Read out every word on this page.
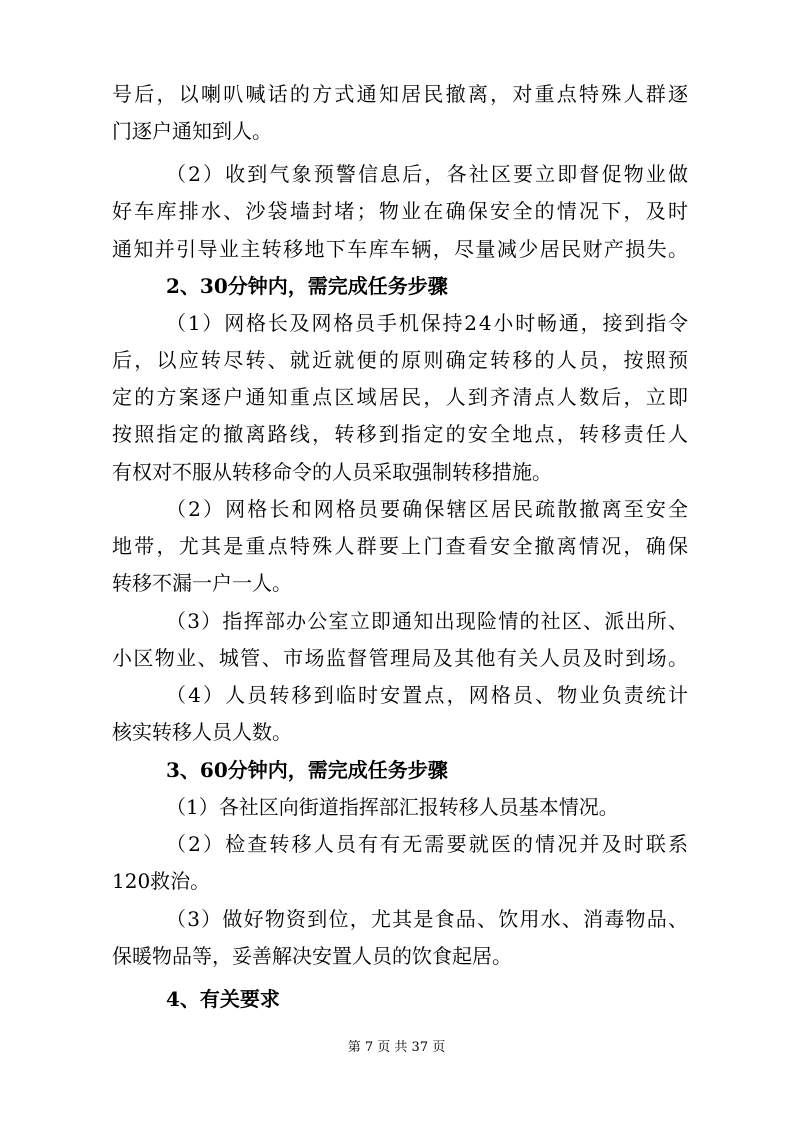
号后，以喇叭喊话的方式通知居民撤离，对重点特殊人群逐
门逐户通知到人。
（2）收到气象预警信息后，各社区要立即督促物业做
好车库排水、沙袋墙封堵；物业在确保安全的情况下，及时
通知并引导业主转移地下车库车辆，尽量减少居民财产损失。
2、30分钟内，需完成任务步骤
（1）网格长及网格员手机保持24小时畅通，接到指令
后，以应转尽转、就近就便的原则确定转移的人员，按照预
定的方案逐户通知重点区域居民，人到齐清点人数后，立即
按照指定的撤离路线，转移到指定的安全地点，转移责任人
有权对不服从转移命令的人员采取强制转移措施。
（2）网格长和网格员要确保辖区居民疏散撤离至安全
地带，尤其是重点特殊人群要上门查看安全撤离情况，确保
转移不漏一户一人。
（3）指挥部办公室立即通知出现险情的社区、派出所、
小区物业、城管、市场监督管理局及其他有关人员及时到场。
（4）人员转移到临时安置点，网格员、物业负责统计
核实转移人员人数。
3、60分钟内，需完成任务步骤
（1）各社区向街道指挥部汇报转移人员基本情况。
（2）检查转移人员有有无需要就医的情况并及时联系
120救治。
（3）做好物资到位，尤其是食品、饮用水、消毒物品、
保暖物品等，妥善解决安置人员的饮食起居。
4、有关要求
第 7 页 共 37 页
